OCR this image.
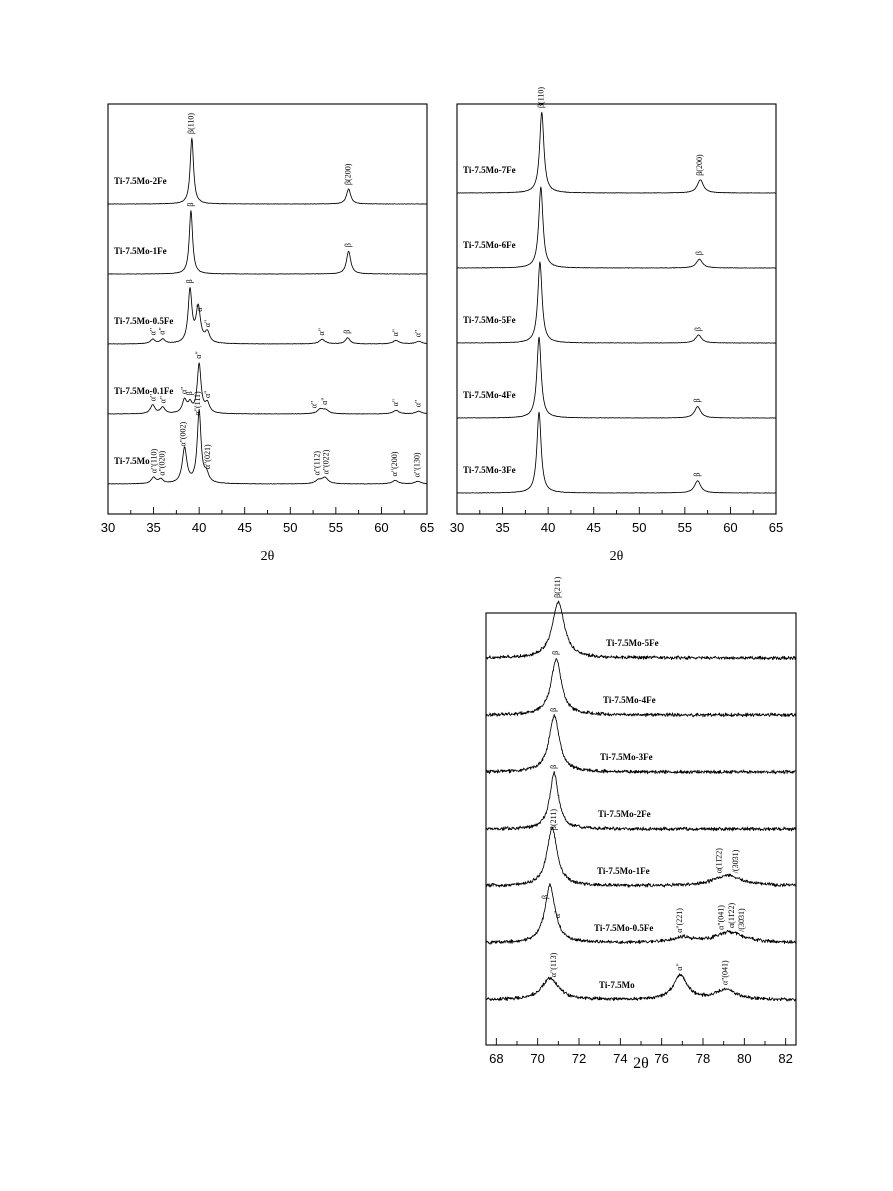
30 35 40 45 50 55 60 65
2θ
Ti-7.5Mo-2Fe
β(110)
β(200)
Ti-7.5Mo-1Fe
β
β
Ti-7.5Mo-0.5Fe
β
α"
α"
α" α"	α" β	α" α"
Ti-7.5Mo-0.1Fe
α" α"
α"
β
α"
α"
α" α"	α" α"
Ti-7.5Mo α"(110) α"(020)
α"(002)
α"(111)
α"(021)	α"(112) α"(022)	α"(200) α"(130)
30 35 40 45 50 55 60 65
2θ
Ti-7.5Mo-7Fe
β(110)
β(200)
Ti-7.5Mo-6Fe
β
Ti-7.5Mo-5Fe
β
Ti-7.5Mo-4Fe
β
Ti-7.5Mo-3Fe	β
68 70 72 74 76 78 80 82
2θ
Ti-7.5Mo-5Fe
β(211)
Ti-7.5Mo-4Fe
β
Ti-7.5Mo-3Fe
β
Ti-7.5Mo-2Fe
β
Ti-7.5Mo-1Fe
β(211)
α(11̄22) /(30̄31)
Ti-7.5Mo-0.5Fe
β
α"	α"(221)	α"(041) α(11̄22) /(30̄31)
Ti-7.5Mo
α"(113)	α"	α"(041)
